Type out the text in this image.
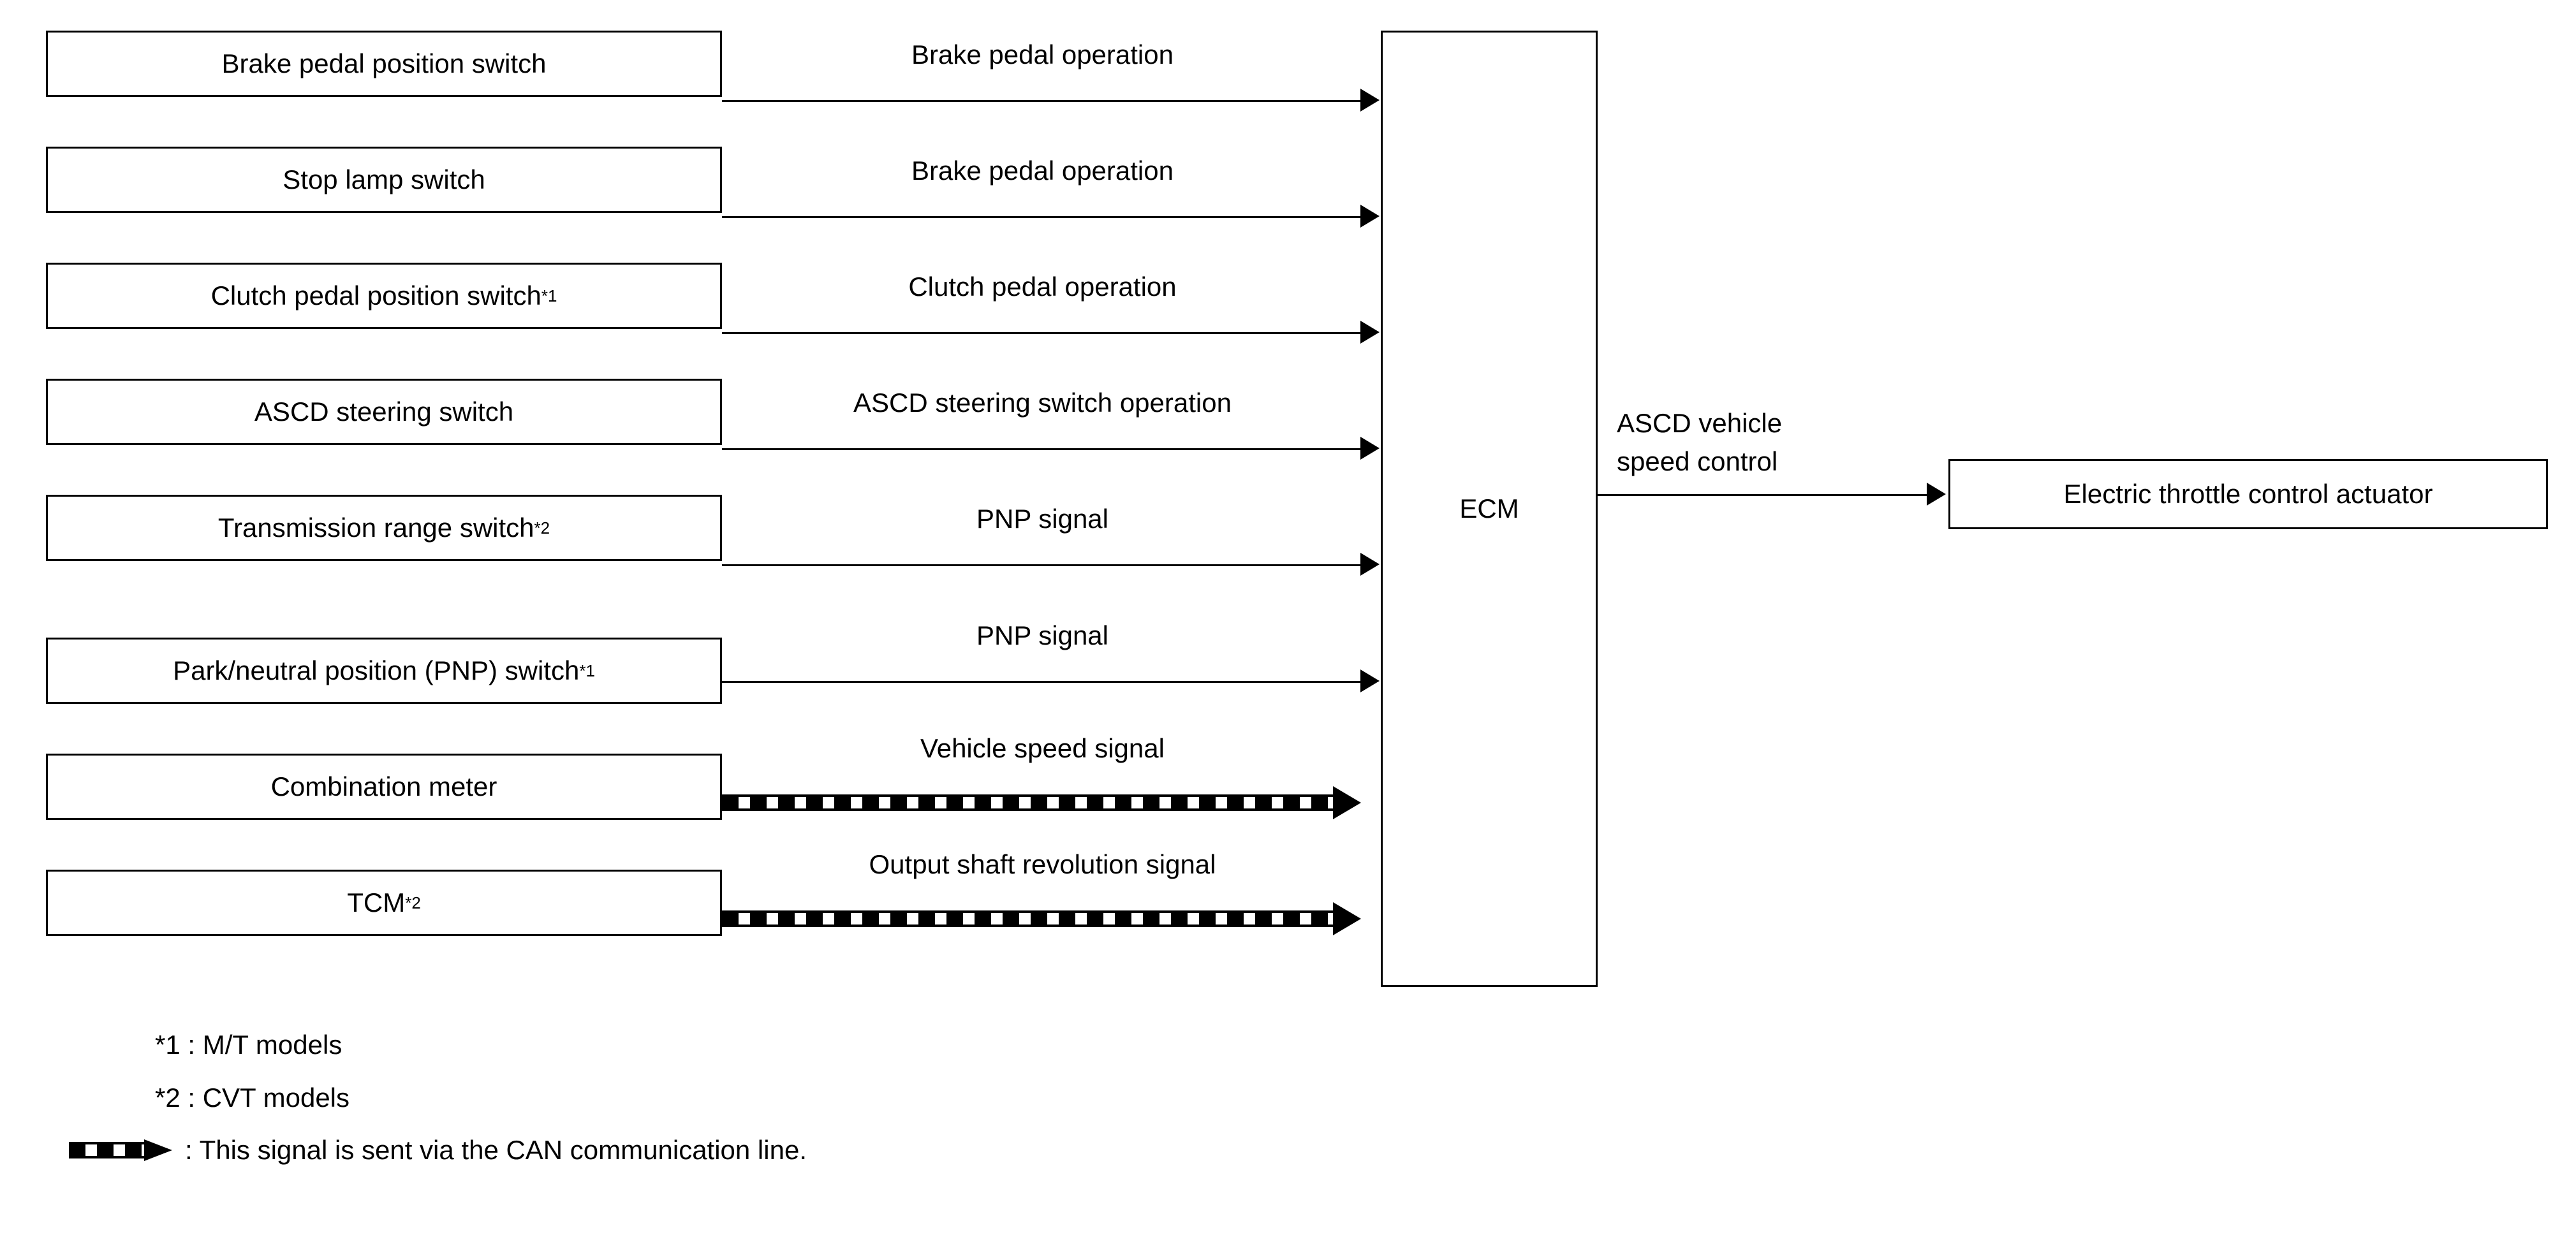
Brake pedal position switch
Stop lamp switch
Clutch pedal position switch *1
ASCD steering switch
Transmission range switch *2
Park/neutral position (PNP) switch *1
Combination meter
TCM *2
ECM	Electric throttle control actuator
Brake pedal operation
Brake pedal operation
Clutch pedal operation
ASCD steering switch operation
PNP signal
PNP signal
Vehicle speed signal
Output shaft revolution signal
ASCD vehicle
speed control
*1 : M/T models
*2 : CVT models
: This signal is sent via the CAN communication line.
